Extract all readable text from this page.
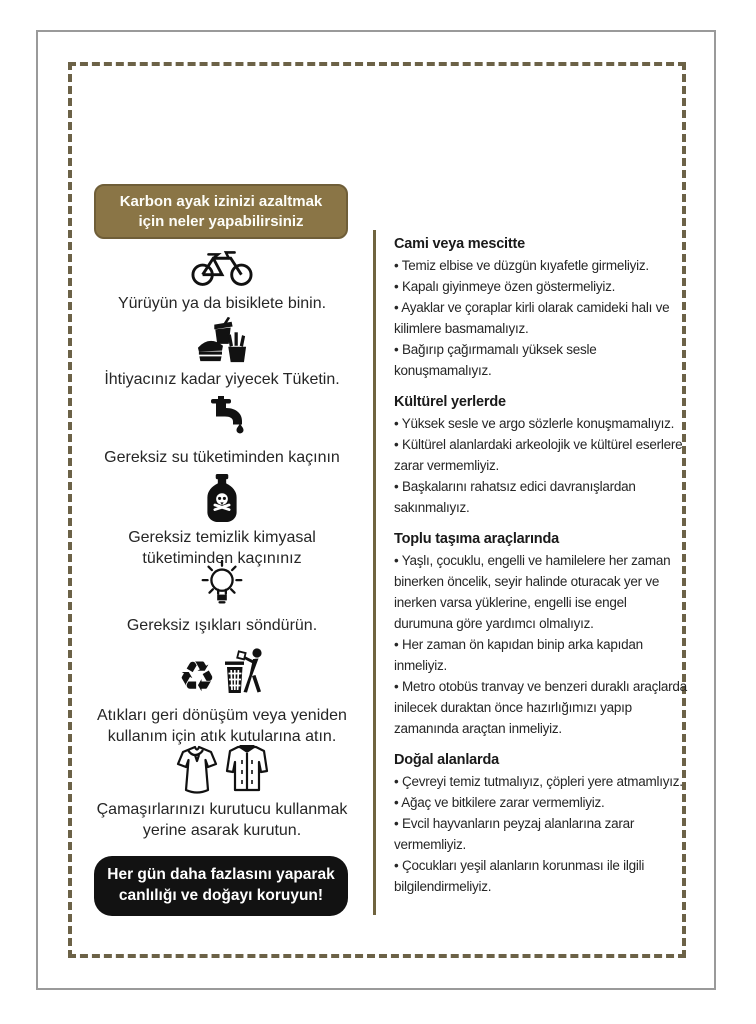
Karbon ayak izinizi azaltmak için neler yapabilirsiniz
Yürüyün ya da bisiklete binin.
İhtiyacınız kadar yiyecek Tüketin.
Gereksiz su tüketiminden kaçının
Gereksiz temizlik kimyasal tüketiminden kaçınınız
Gereksiz ışıkları söndürün.
♻
Atıkları geri dönüşüm veya yeniden kullanım için atık kutularına atın.
Çamaşırlarınızı kurutucu kullanmak yerine asarak kurutun.
Her gün daha fazlasını yaparak canlılığı ve doğayı koruyun!
Cami veya mescitte

• Temiz elbise ve düzgün kıyafetle girmeliyiz.

• Kapalı giyinmeye özen göstermeliyiz.

• Ayaklar ve çoraplar kirli olarak camideki halı ve kilimlere basmamalıyız.

• Bağırıp çağırmamalı yüksek sesle konuşmamalıyız.

Kültürel yerlerde

• Yüksek sesle ve argo sözlerle konuşmamalıyız.

• Kültürel alanlardaki arkeolojik ve kültürel eserlere zarar vermemliyiz.

• Başkalarını rahatsız edici davranışlardan sakınmalıyız.

Toplu taşıma araçlarında

• Yaşlı, çocuklu, engelli ve hamilelere her zaman binerken öncelik, seyir halinde oturacak yer ve inerken varsa yüklerine, engelli ise engel durumuna göre yardımcı olmalıyız.

• Her zaman ön kapıdan binip arka kapıdan inmeliyiz.

• Metro otobüs tranvay ve benzeri duraklı araçlarda inilecek duraktan önce hazırlığımızı yapıp zamanında araçtan inmeliyiz.

Doğal alanlarda

• Çevreyi temiz tutmalıyız, çöpleri yere atmamlıyız.

• Ağaç ve bitkilere zarar vermemliyiz.

• Evcil hayvanların peyzaj alanlarına zarar vermemliyiz.

• Çocukları yeşil alanların korunması ile ilgili bilgilendirmeliyiz.
